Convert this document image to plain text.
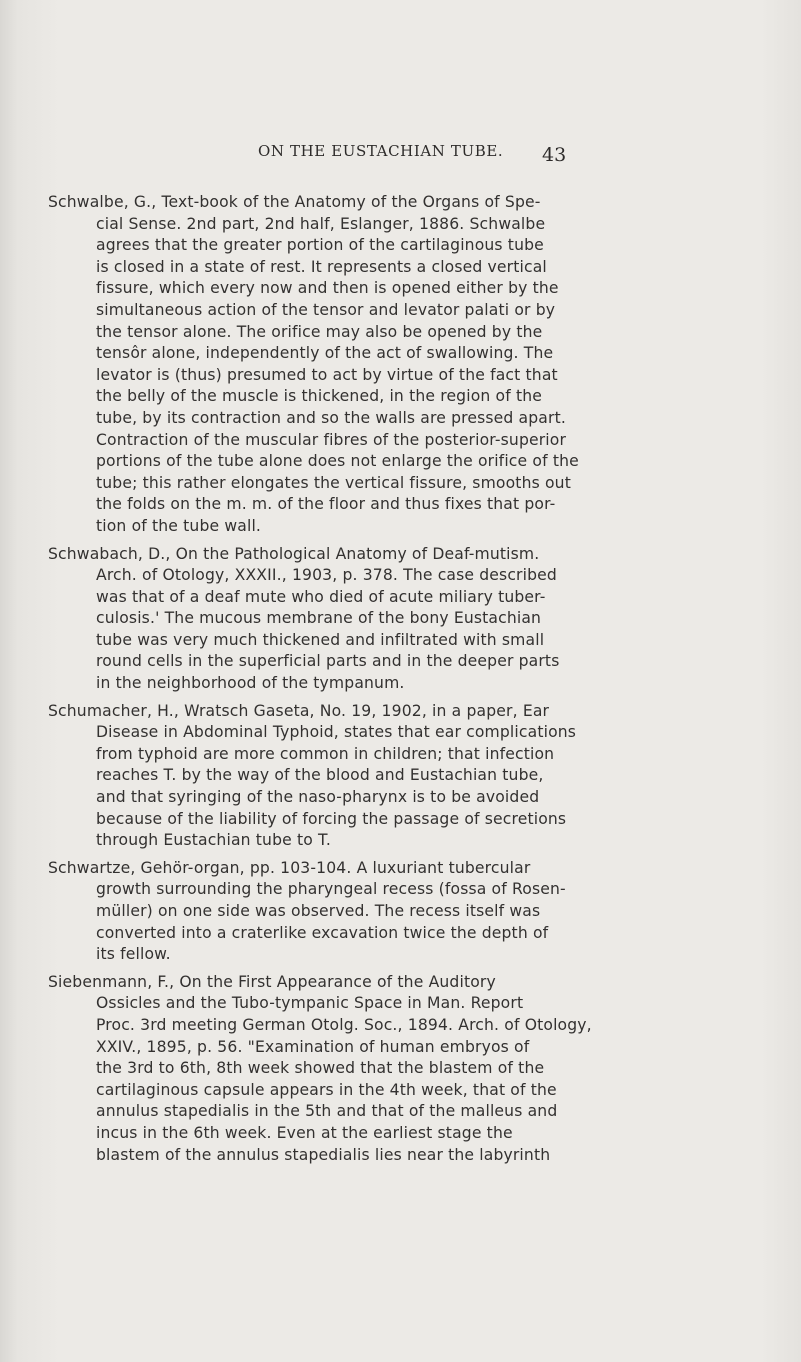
ON THE EUSTACHIAN TUBE. 43

Schwalbe, G., Text-book of the Anatomy of the Organs of Spe-
cial Sense. 2nd part, 2nd half, Eslanger, 1886. Schwalbe
agrees that the greater portion of the cartilaginous tube
is closed in a state of rest. It represents a closed vertical
fissure, which every now and then is opened either by the
simultaneous action of the tensor and levator palati or by
the tensor alone. The orifice may also be opened by the
tensôr alone, independently of the act of swallowing. The
levator is (thus) presumed to act by virtue of the fact that
the belly of the muscle is thickened, in the region of the
tube, by its contraction and so the walls are pressed apart.
Contraction of the muscular fibres of the posterior-superior
portions of the tube alone does not enlarge the orifice of the
tube; this rather elongates the vertical fissure, smooths out
the folds on the m. m. of the floor and thus fixes that por-
tion of the tube wall.

Schwabach, D., On the Pathological Anatomy of Deaf-mutism.
Arch. of Otology, XXXII., 1903, p. 378. The case described
was that of a deaf mute who died of acute miliary tuber-
culosis.' The mucous membrane of the bony Eustachian
tube was very much thickened and infiltrated with small
round cells in the superficial parts and in the deeper parts
in the neighborhood of the tympanum.

Schumacher, H., Wratsch Gaseta, No. 19, 1902, in a paper, Ear
Disease in Abdominal Typhoid, states that ear complications
from typhoid are more common in children; that infection
reaches T. by the way of the blood and Eustachian tube,
and that syringing of the naso-pharynx is to be avoided
because of the liability of forcing the passage of secretions
through Eustachian tube to T.

Schwartze, Gehör-organ, pp. 103-104. A luxuriant tubercular
growth surrounding the pharyngeal recess (fossa of Rosen-
müller) on one side was observed. The recess itself was
converted into a craterlike excavation twice the depth of
its fellow.

Siebenmann, F., On the First Appearance of the Auditory
Ossicles and the Tubo-tympanic Space in Man. Report
Proc. 3rd meeting German Otolg. Soc., 1894. Arch. of Otology,
XXIV., 1895, p. 56. "Examination of human embryos of
the 3rd to 6th, 8th week showed that the blastem of the
cartilaginous capsule appears in the 4th week, that of the
annulus stapedialis in the 5th and that of the malleus and
incus in the 6th week. Even at the earliest stage the
blastem of the annulus stapedialis lies near the labyrinth
